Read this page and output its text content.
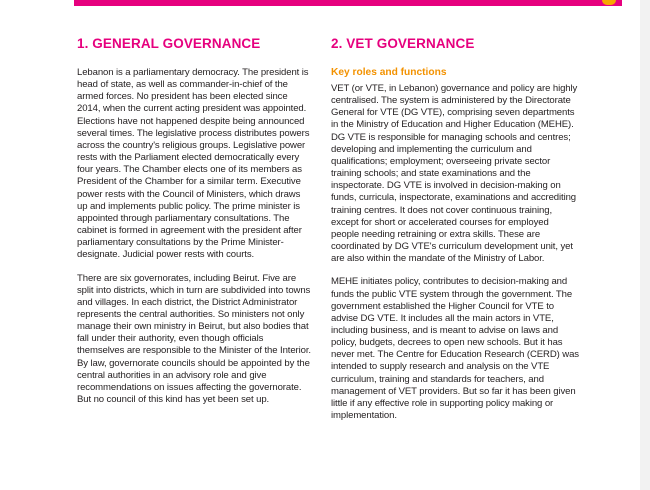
1. GENERAL GOVERNANCE

Lebanon is a parliamentary democracy. The president is head of state, as well as commander-in-chief of the armed forces. No president has been elected since 2014, when the current acting president was appointed. Elections have not happened despite being announced several times. The legislative process distributes powers across the country's religious groups. Legislative power rests with the Parliament elected democratically every four years. The Chamber elects one of its members as President of the Chamber for a similar term. Executive power rests with the Council of Ministers, which draws up and implements public policy. The prime minister is appointed through parliamentary consultations. The cabinet is formed in agreement with the president after parliamentary consultations by the Prime Minister-designate. Judicial power rests with courts.

There are six governorates, including Beirut. Five are split into districts, which in turn are subdivided into towns and villages. In each district, the District Administrator represents the central authorities. So ministers not only manage their own ministry in Beirut, but also bodies that fall under their authority, even though officials themselves are responsible to the Minister of the Interior. By law, governorate councils should be appointed by the central authorities in an advisory role and give recommendations on issues affecting the governorate. But no council of this kind has yet been set up.

2. VET GOVERNANCE
Key roles and functions

VET (or VTE, in Lebanon) governance and policy are highly centralised. The system is administered by the Directorate General for VTE (DG VTE), comprising seven departments in the Ministry of Education and Higher Education (MEHE). DG VTE is responsible for managing schools and centres; developing and implementing the curriculum and qualifications; employment; overseeing private sector training schools; and state examinations and the inspectorate. DG VTE is involved in decision-making on funds, curricula, inspectorate, examinations and accrediting training centres. It does not cover continuous training, except for short or accelerated courses for employed people needing retraining or extra skills. These are coordinated by DG VTE's curriculum development unit, yet are also within the mandate of the Ministry of Labor.

MEHE initiates policy, contributes to decision-making and funds the public VTE system through the government. The government established the Higher Council for VTE to advise DG VTE. It includes all the main actors in VTE, including business, and is meant to advise on laws and policy, budgets, decrees to open new schools. But it has never met. The Centre for Education Research (CERD) was intended to supply research and analysis on the VTE curriculum, training and standards for teachers, and management of VET providers. But so far it has been given little if any effective role in supporting policy making or implementation.
